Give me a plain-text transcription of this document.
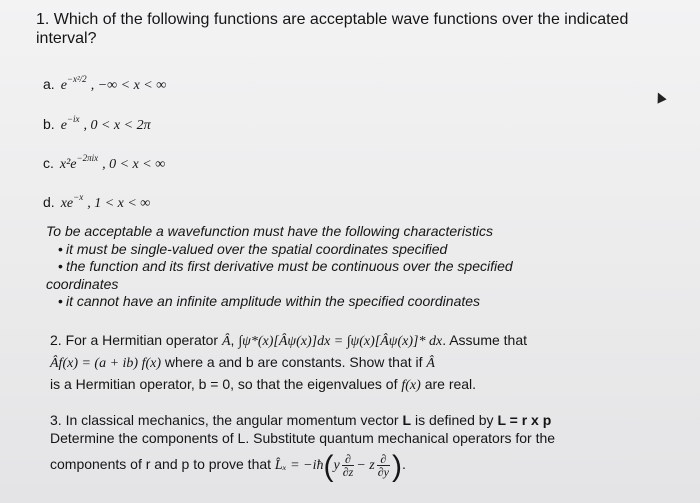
1. Which of the following functions are acceptable wave functions over the indicated interval?
a. $e^{-x^2/2}$ , −∞ < x < ∞
b. $e^{-ix}$ , 0 < x < 2π
c. $x^2e^{-2\pi ix}$ , 0 < x < ∞
d. $xe^{-x}$ , 1 < x < ∞
To be acceptable a wavefunction must have the following characteristics
• it must be single-valued over the spatial coordinates specified
• the function and its first derivative must be continuous over the specified
coordinates
• it cannot have an infinite amplitude within the specified coordinates
2. For a Hermitian operator Â, ∫ψ*(x)[Âψ(x)]dx = ∫ψ(x)[Âψ(x)]* dx. Assume that
Âf(x) = (a + ib) f(x) where a and b are constants. Show that if Â
is a Hermitian operator, b = 0, so that the eigenvalues of f(x) are real.
3. In classical mechanics, the angular momentum vector L is defined by L = r x p
Determine the components of L. Substitute quantum mechanical operators for the
components of r and p to prove that L̂ₓ = −iħ(y $\frac{\partial}{\partial z} - z \frac{\partial}{\partial y}$ ).
